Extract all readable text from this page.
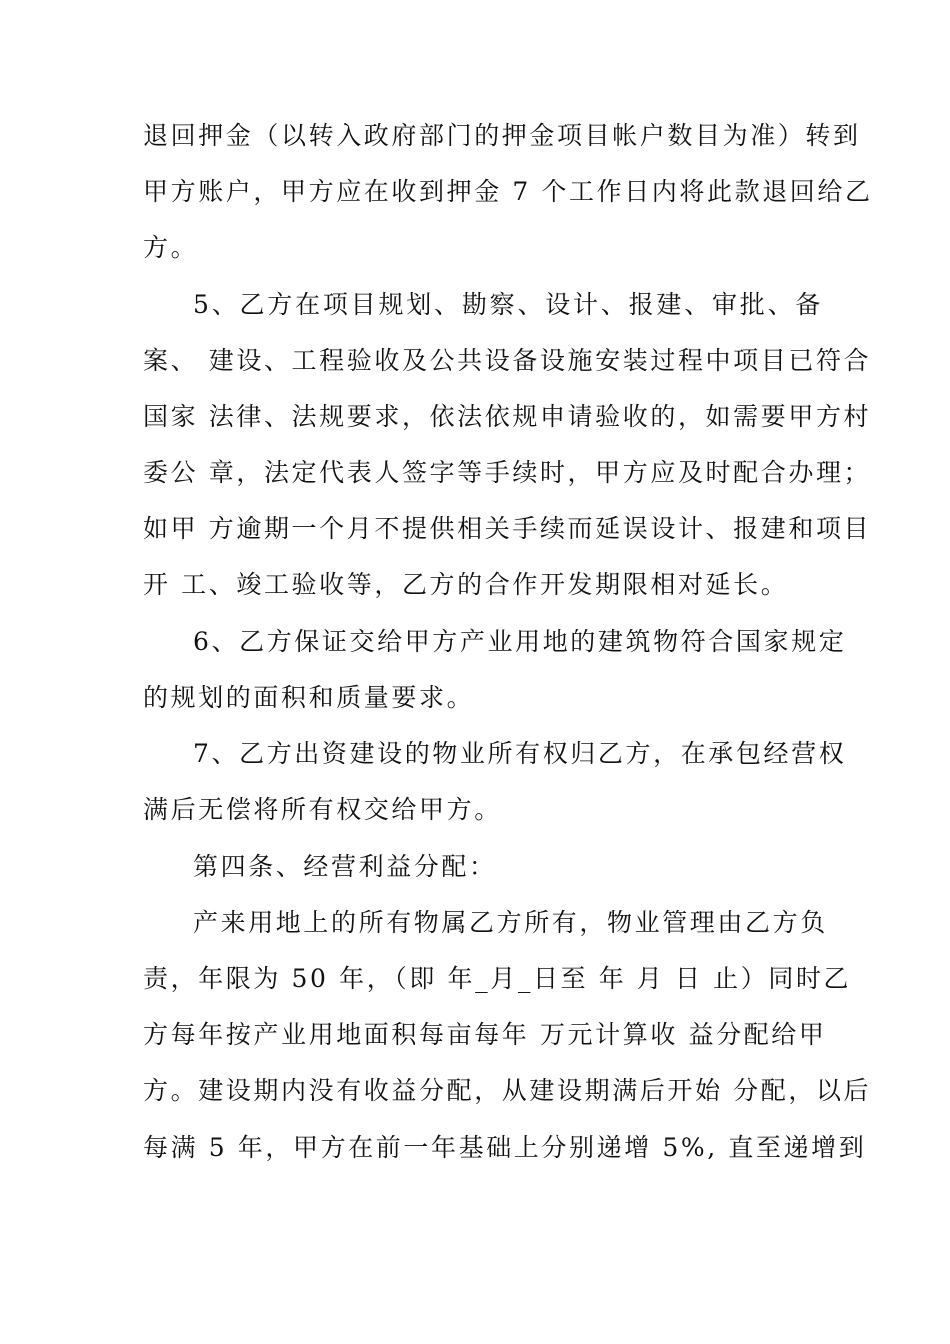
退回押金（以转入政府部门的押金项目帐户数目为准）转到
甲方账户，甲方应在收到押金 7 个工作日内将此款退回给乙
方。
5、乙方在项目规划、勘察、设计、报建、审批、备
案、 建设、工程验收及公共设备设施安装过程中项目已符合
国家 法律、法规要求，依法依规申请验收的，如需要甲方村
委公 章，法定代表人签字等手续时，甲方应及时配合办理；
如甲 方逾期一个月不提供相关手续而延误设计、报建和项目
开 工、竣工验收等，乙方的合作开发期限相对延长。
6、乙方保证交给甲方产业用地的建筑物符合国家规定
的规划的面积和质量要求。
7、乙方出资建设的物业所有权归乙方，在承包经营权
满后无偿将所有权交给甲方。
第四条、经营利益分配：
产来用地上的所有物属乙方所有，物业管理由乙方负
责，年限为 50 年，（即 年_月_日至 年 月 日 止）同时乙
方每年按产业用地面积每亩每年 万元计算收 益分配给甲
方。建设期内没有收益分配，从建设期满后开始 分配，以后
每满 5 年，甲方在前一年基础上分别递增 5%, 直至递增到
